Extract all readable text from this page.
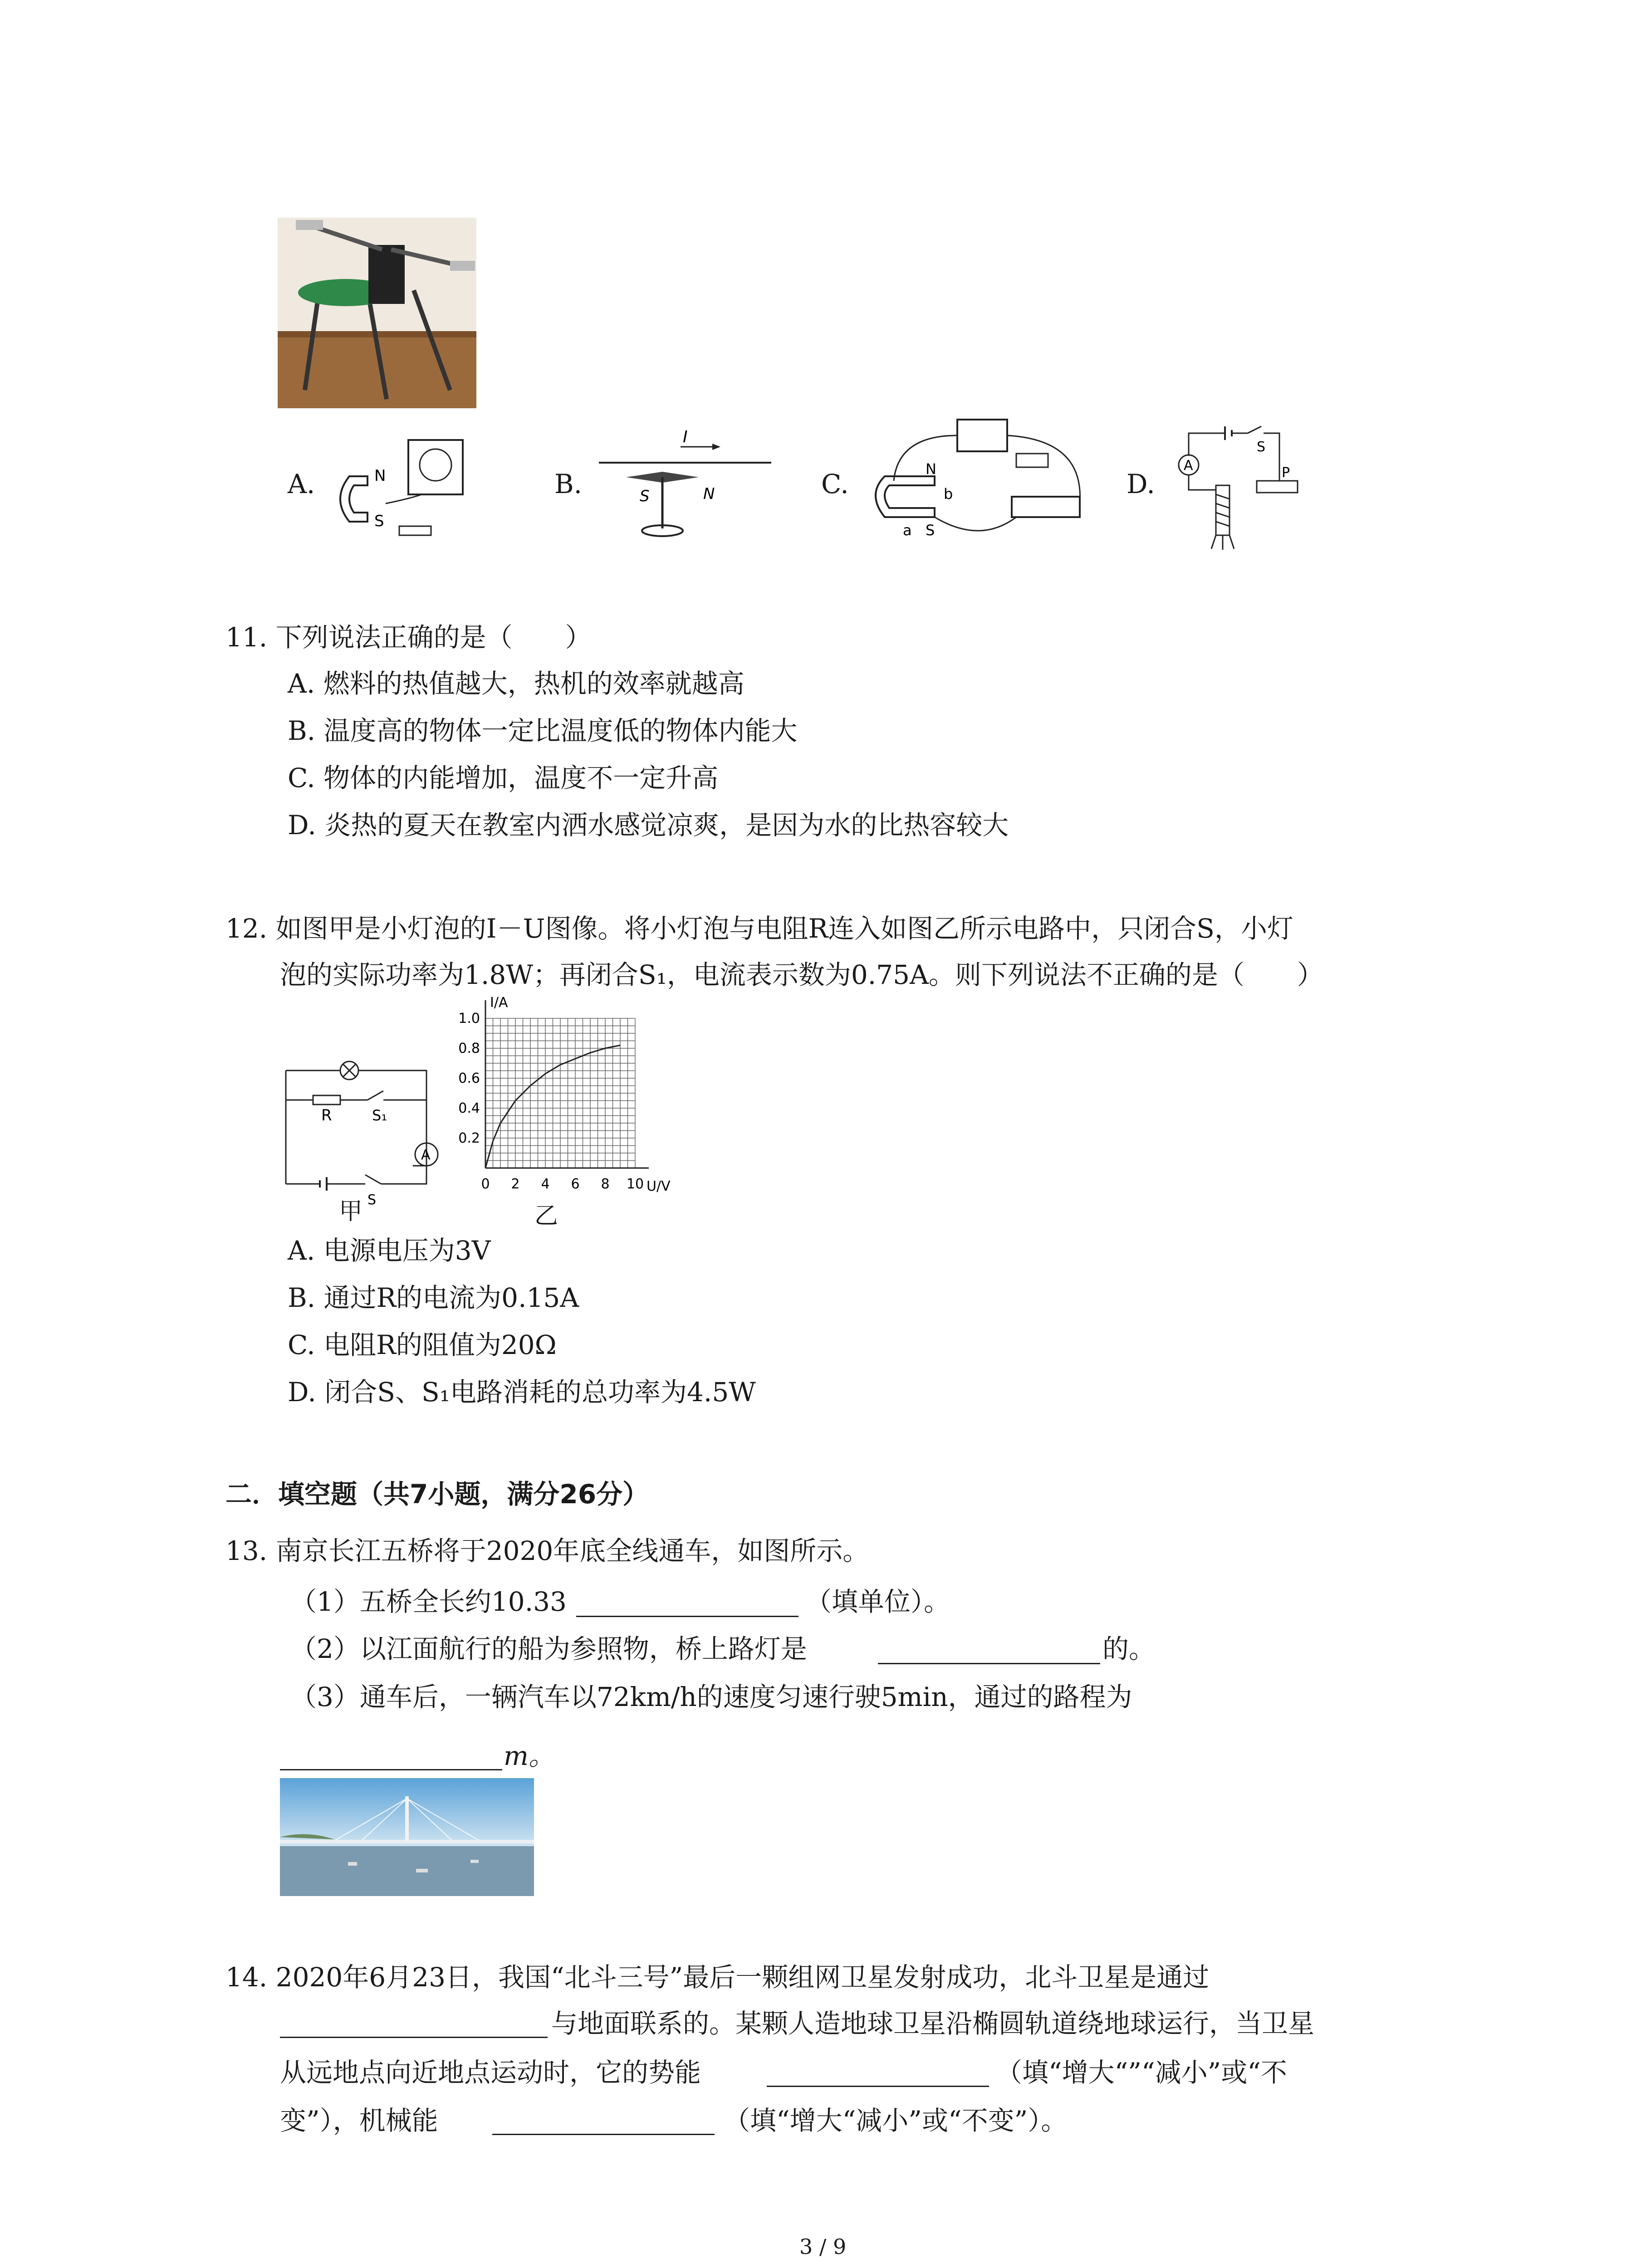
A.	N
S
B.
I
S	N	C.	N
b
a S
D.
S
A	P
11. 下列说法正确的是（　　）
A. 燃料的热值越大，热机的效率就越高
B. 温度高的物体一定比温度低的物体内能大
C. 物体的内能增加，温度不一定升高
D. 炎热的夏天在教室内洒水感觉凉爽，是因为水的比热容较大
12. 如图甲是小灯泡的I－U图像。将小灯泡与电阻R连入如图乙所示电路中，只闭合S，小灯
泡的实际功率为1.8W；再闭合S₁，电流表示数为0.75A。则下列说法不正确的是（　　）
R	S₁
A
S
甲
0 2 4 6 8 10
0.2
0.4
0.6
0.8
1.0
U/V
I/A
乙
A. 电源电压为3V
B. 通过R的电流为0.15A
C. 电阻R的阻值为20Ω
D. 闭合S、S₁电路消耗的总功率为4.5W
二．填空题（共7小题，满分26分）
13. 南京长江五桥将于2020年底全线通车，如图所示。
（1）五桥全长约10.33	（填单位）。
（2）以江面航行的船为参照物，桥上路灯是	的。
（3）通车后，一辆汽车以72km/h的速度匀速行驶5min，通过的路程为
m。
14. 2020年6月23日，我国“北斗三号”最后一颗组网卫星发射成功，北斗卫星是通过
与地面联系的。某颗人造地球卫星沿椭圆轨道绕地球运行，当卫星
从远地点向近地点运动时，它的势能	（填“增大“”“减小”或“不
变”），机械能	（填“增大“减小”或“不变”）。
3 / 9
